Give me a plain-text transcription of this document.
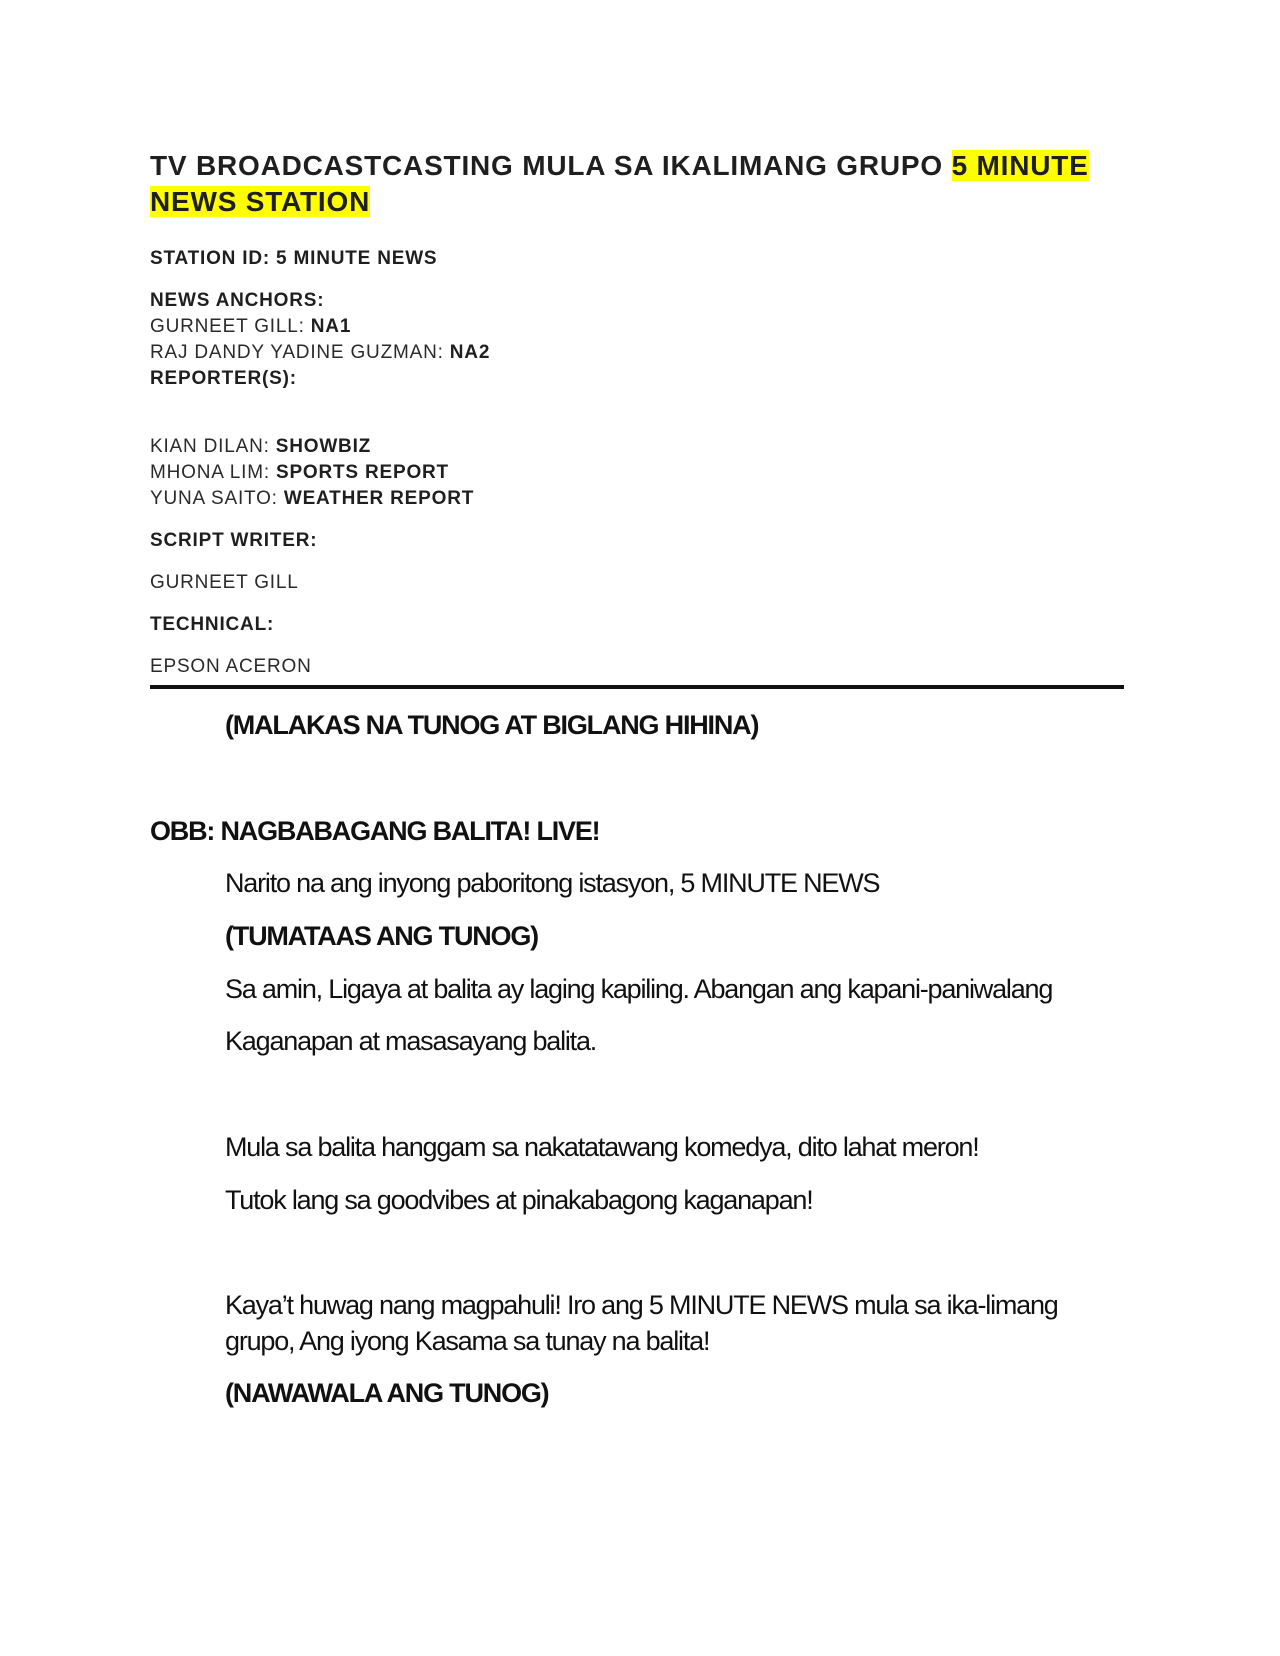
TV BROADCASTCASTING MULA SA IKALIMANG GRUPO 5 MINUTE
NEWS STATION
STATION ID: 5 MINUTE NEWS
NEWS ANCHORS:
GURNEET GILL: NA1
RAJ DANDY YADINE GUZMAN: NA2
REPORTER(S):
KIAN DILAN: SHOWBIZ
MHONA LIM: SPORTS REPORT
YUNA SAITO: WEATHER REPORT
SCRIPT WRITER:
GURNEET GILL
TECHNICAL:
EPSON ACERON
(MALAKAS NA TUNOG AT BIGLANG HIHINA)
OBB: NAGBABAGANG BALITA! LIVE!
Narito na ang inyong paboritong istasyon, 5 MINUTE NEWS
(TUMATAAS ANG TUNOG)
Sa amin, Ligaya at balita ay laging kapiling. Abangan ang kapani-paniwalang
Kaganapan at masasayang balita.
Mula sa balita hanggam sa nakatatawang komedya, dito lahat meron!
Tutok lang sa goodvibes at pinakabagong kaganapan!
Kaya’t huwag nang magpahuli! Iro ang 5 MINUTE NEWS mula sa ika-limang
grupo, Ang iyong Kasama sa tunay na balita!
(NAWAWALA ANG TUNOG)
